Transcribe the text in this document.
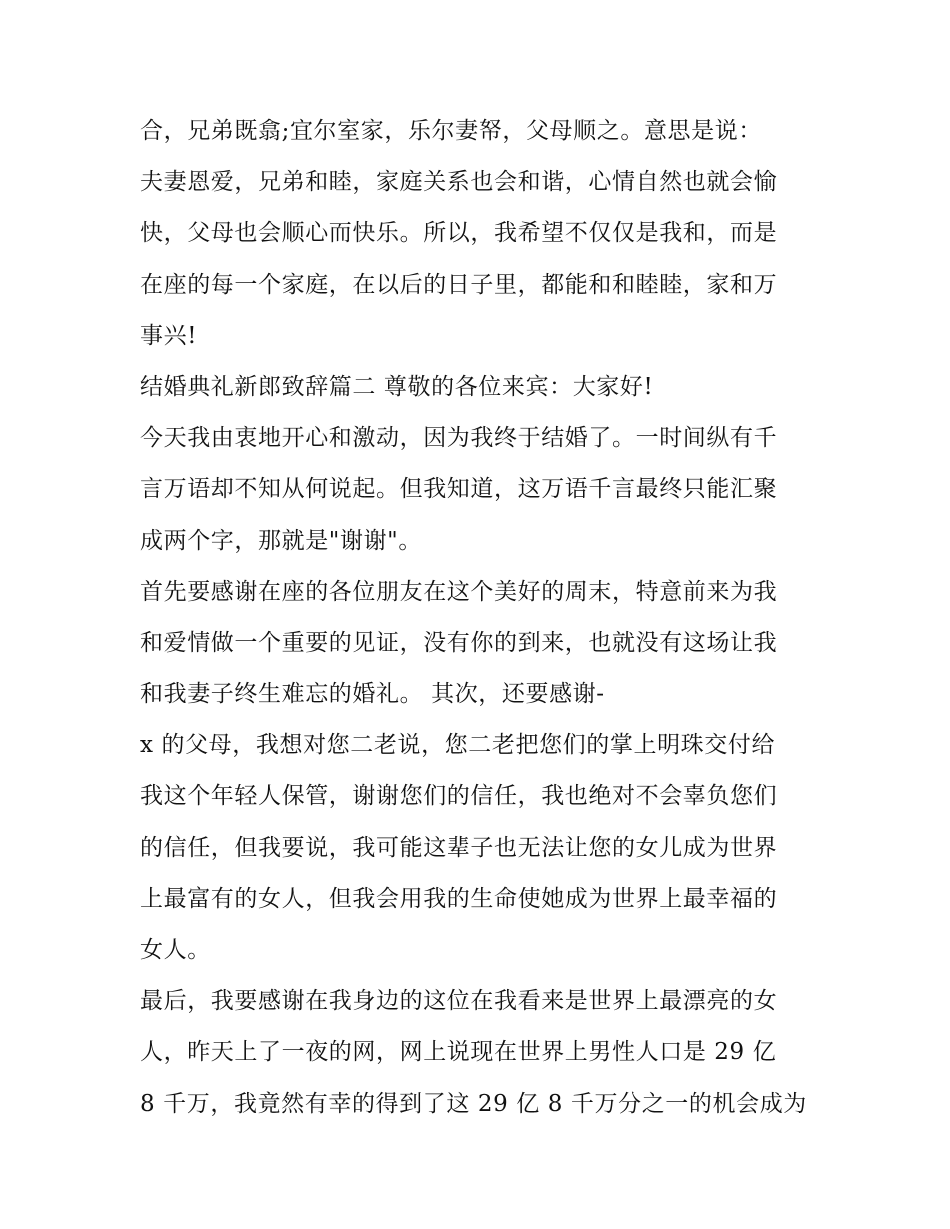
合，兄弟既翕;宜尔室家，乐尔妻帑，父母顺之。意思是说：
夫妻恩爱，兄弟和睦，家庭关系也会和谐，心情自然也就会愉
快，父母也会顺心而快乐。所以，我希望不仅仅是我和，而是
在座的每一个家庭，在以后的日子里，都能和和睦睦，家和万
事兴!
结婚典礼新郎致辞篇二 尊敬的各位来宾：大家好!
今天我由衷地开心和激动，因为我终于结婚了。一时间纵有千
言万语却不知从何说起。但我知道，这万语千言最终只能汇聚
成两个字，那就是"谢谢"。
首先要感谢在座的各位朋友在这个美好的周末，特意前来为我
和爱情做一个重要的见证，没有你的到来，也就没有这场让我
和我妻子终生难忘的婚礼。 其次，还要感谢-
x 的父母，我想对您二老说，您二老把您们的掌上明珠交付给
我这个年轻人保管，谢谢您们的信任，我也绝对不会辜负您们
的信任，但我要说，我可能这辈子也无法让您的女儿成为世界
上最富有的女人，但我会用我的生命使她成为世界上最幸福的
女人。
最后，我要感谢在我身边的这位在我看来是世界上最漂亮的女
人，昨天上了一夜的网，网上说现在世界上男性人口是 29 亿
8 千万，我竟然有幸的得到了这 29 亿 8 千万分之一的机会成为
